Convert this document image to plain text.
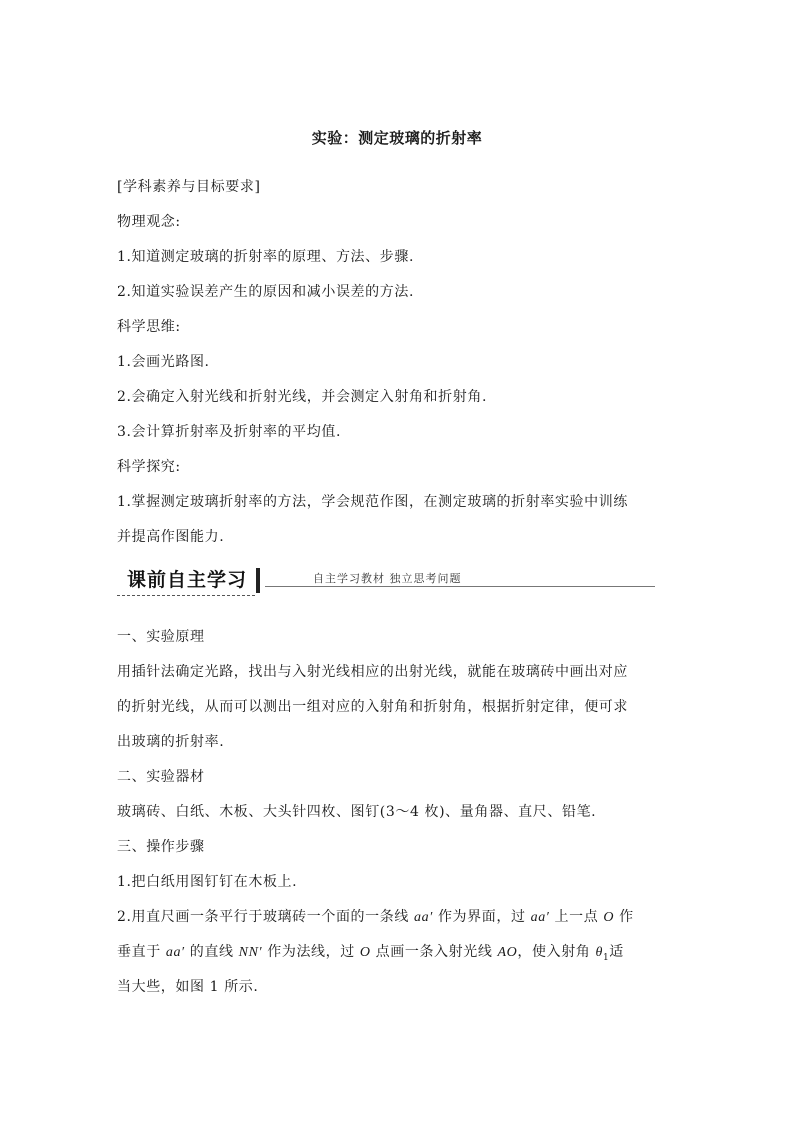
实验：测定玻璃的折射率
[学科素养与目标要求]
物理观念:
1.知道测定玻璃的折射率的原理、方法、步骤.
2.知道实验误差产生的原因和减小误差的方法.
科学思维:
1.会画光路图.
2.会确定入射光线和折射光线，并会测定入射角和折射角.
3.会计算折射率及折射率的平均值.
科学探究:
1.掌握测定玻璃折射率的方法，学会规范作图，在测定玻璃的折射率实验中训练
并提高作图能力.
课前自主学习	自主学习教材 独立思考问题
一、实验原理
用插针法确定光路，找出与入射光线相应的出射光线，就能在玻璃砖中画出对应
的折射光线，从而可以测出一组对应的入射角和折射角，根据折射定律，便可求
出玻璃的折射率.
二、实验器材
玻璃砖、白纸、木板、大头针四枚、图钉(3～4 枚)、量角器、直尺、铅笔.
三、操作步骤
1.把白纸用图钉钉在木板上.
2.用直尺画一条平行于玻璃砖一个面的一条线 aa′ 作为界面，过 aa′ 上一点 O 作
垂直于 aa′ 的直线 NN′ 作为法线，过 O 点画一条入射光线 AO，使入射角 $\theta_1$适
当大些，如图 1 所示.
